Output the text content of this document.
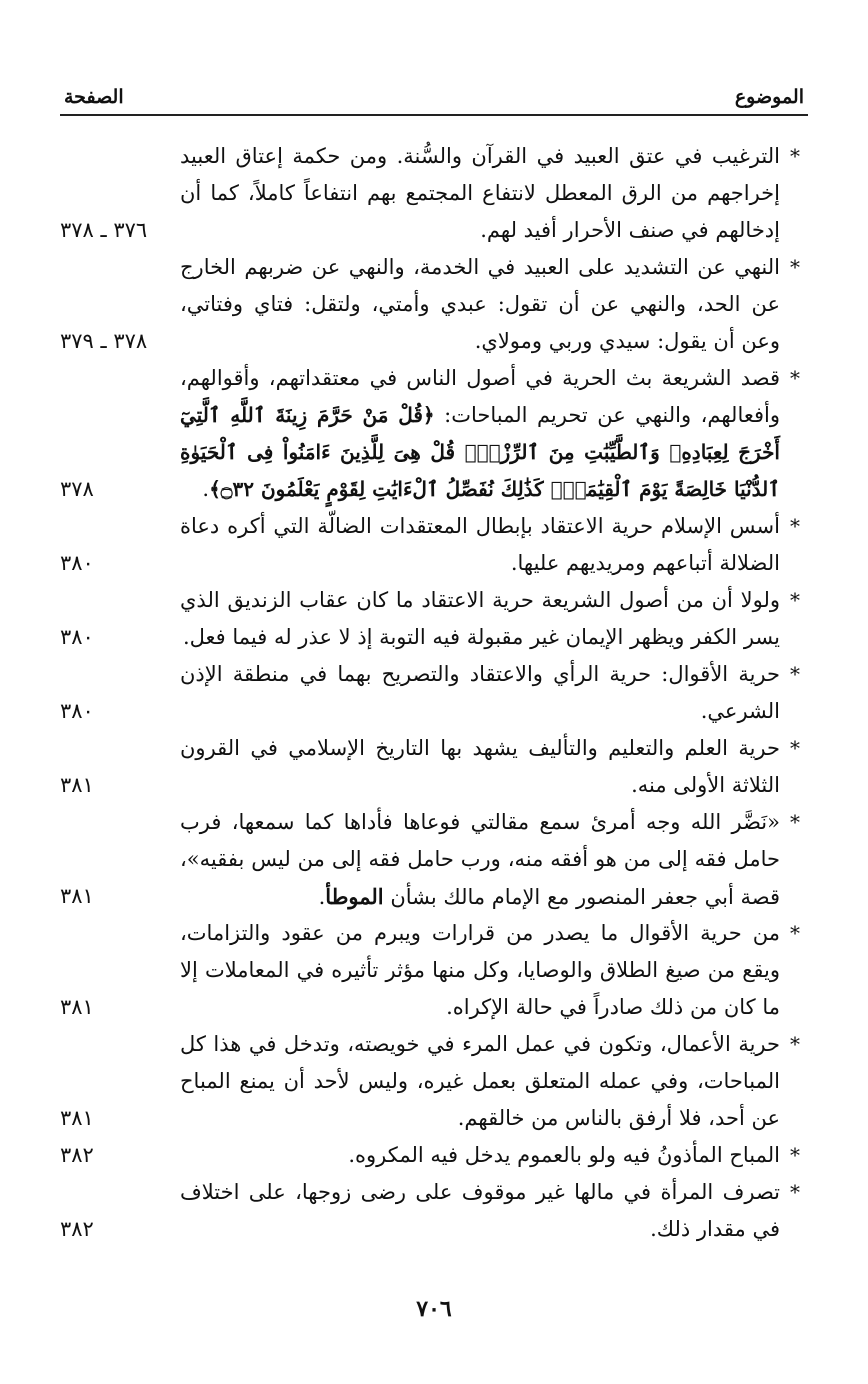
الموضوع
الصفحة
*
الترغيب في عتق العبيد في القرآن والسُّنة. ومن حكمة إعتاق العبيد إخراجهم من الرق المعطل لانتفاع المجتمع بهم انتفاعاً كاملاً، كما أن إدخالهم في صنف الأحرار أفيد لهم.
٣٧٦ ـ ٣٧٨
*
النهي عن التشديد على العبيد في الخدمة، والنهي عن ضربهم الخارج عن الحد، والنهي عن أن تقول: عبدي وأمتي، ولتقل: فتاي وفتاتي، وعن أن يقول: سيدي وربي ومولاي.
٣٧٨ ـ ٣٧٩
*
قصد الشريعة بث الحرية في أصول الناس في معتقداتهم، وأقوالهم، وأفعالهم، والنهي عن تحريم المباحات: ﴿قُلْ مَنْ حَرَّمَ زِينَةَ ٱللَّهِ ٱلَّتِيٓ أَخْرَجَ لِعِبَادِهِۦ وَٱلطَّيِّبَٰتِ مِنَ ٱلرِّزْقِۚ قُلْ هِىَ لِلَّذِينَ ءَامَنُواْ فِى ٱلْحَيَوٰةِ ٱلدُّنْيَا خَالِصَةً يَوْمَ ٱلْقِيَٰمَةِۗ كَذَٰلِكَ نُفَصِّلُ ٱلْءَايَٰتِ لِقَوْمٍ يَعْلَمُونَ ۝٣٢﴾.
٣٧٨
*
أسس الإسلام حرية الاعتقاد بإبطال المعتقدات الضالّة التي أكره دعاة الضلالة أتباعهم ومريديهم عليها.
٣٨٠
*
ولولا أن من أصول الشريعة حرية الاعتقاد ما كان عقاب الزنديق الذي يسر الكفر ويظهر الإيمان غير مقبولة فيه التوبة إذ لا عذر له فيما فعل.
٣٨٠
*
حرية الأقوال: حرية الرأي والاعتقاد والتصريح بهما في منطقة الإذن الشرعي.
٣٨٠
*
حرية العلم والتعليم والتأليف يشهد بها التاريخ الإسلامي في القرون الثلاثة الأولى منه.
٣٨١
*
«نَضَّر الله وجه أمرئ سمع مقالتي فوعاها فأداها كما سمعها، فرب حامل فقه إلى من هو أفقه منه، ورب حامل فقه إلى من ليس بفقيه»، قصة أبي جعفر المنصور مع الإمام مالك بشأن الموطأ.
٣٨١
*
من حرية الأقوال ما يصدر من قرارات ويبرم من عقود والتزامات، ويقع من صيغ الطلاق والوصايا، وكل منها مؤثر تأثيره في المعاملات إلا ما كان من ذلك صادراً في حالة الإكراه.
٣٨١
*
حرية الأعمال، وتكون في عمل المرء في خويصته، وتدخل في هذا كل المباحات، وفي عمله المتعلق بعمل غيره، وليس لأحد أن يمنع المباح عن أحد، فلا أرفق بالناس من خالقهم.
٣٨١
*
المباح المأذونُ فيه ولو بالعموم يدخل فيه المكروه.
٣٨٢
*
تصرف المرأة في مالها غير موقوف على رضى زوجها، على اختلاف في مقدار ذلك.
٣٨٢
٧٠٦
